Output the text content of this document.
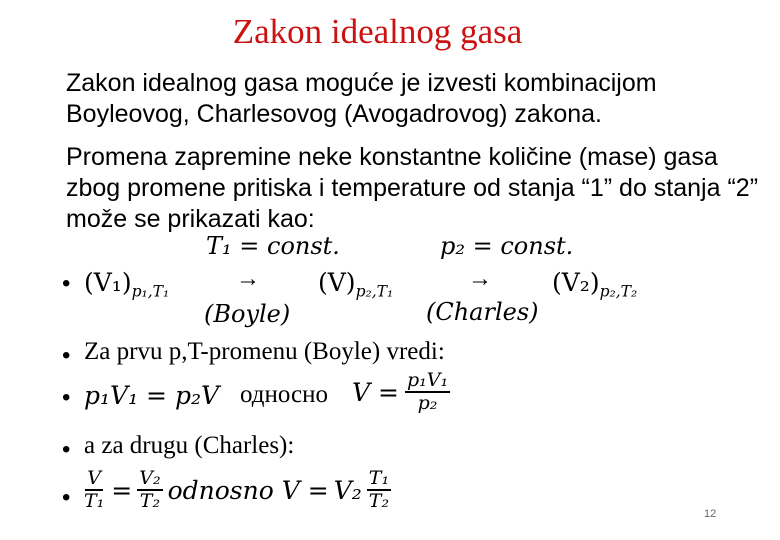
Zakon idealnog gasa

Zakon idealnog gasa moguće je izvesti kombinacijom Boyleovog, Charlesovog (Avogadrovog) zakona.

Promena zapremine neke konstantne količine (mase) gasa zbog promene pritiska i temperature od stanja “1” do stanja “2” može se prikazati kao:

T₁ = const.	p₂ = const.
• $(V_1)_{p_1,T_1}$	→ $(V)_{p_2,T_1}$	→ $(V_2)_{p_2,T_2}$
(Boyle)	(Charles)
• Za prvu p,T-promenu (Boyle) vredi:
• p₁V₁ = p₂V односно $V = \frac{\text{p₁V₁}}{\text{p₂}}$
• a za drugu (Charles):
• $\frac{V}{\text{T₁}} = \frac{\text{V₂}}{\text{T₂}}$ odnosno $V = V_2 \frac{\text{T₁}}{\text{T₂}}$
12
